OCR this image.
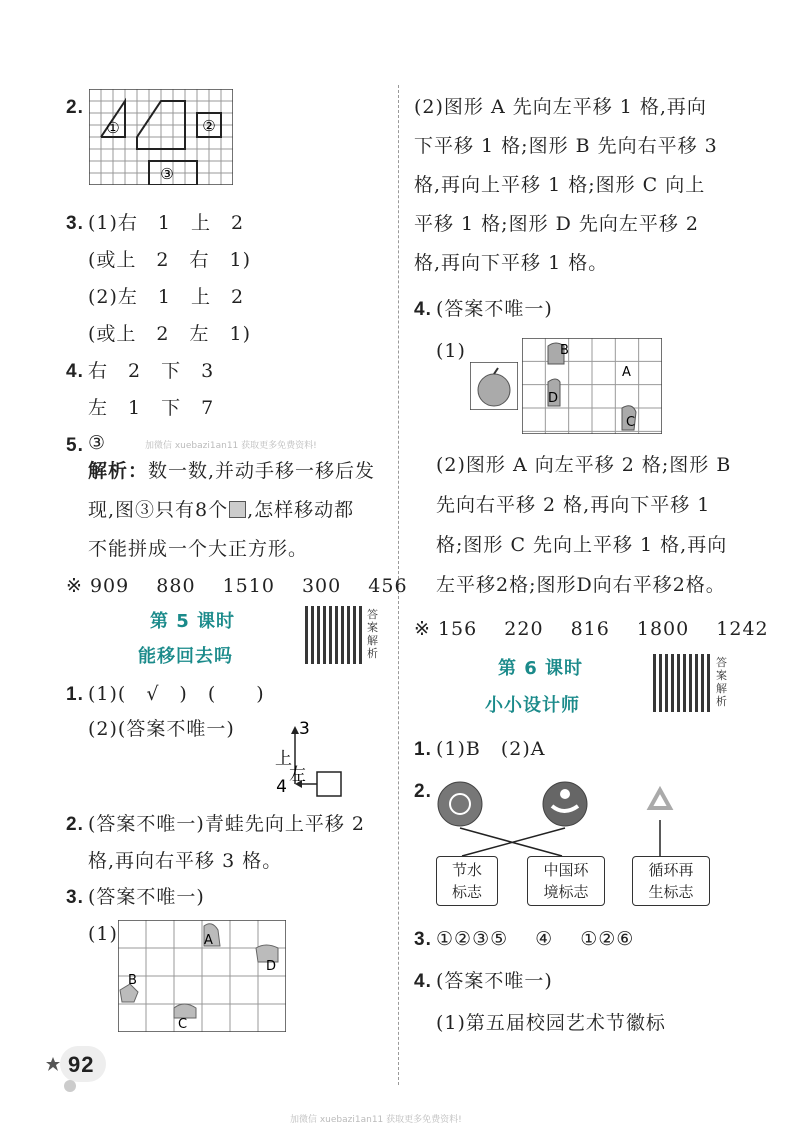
2.
①	②
③
3. (1)右　1　上　2
(或上　2　右　1)
(2)左　1　上　2
(或上　2　左　1)
4. 右　2　下　3
左　1　下　7
5. ③	加微信 xuebazi1an11 获取更多免费资料!
解析：数一数,并动手移一移后发
现,图③只有8个 ,怎样移动都
不能拼成一个大正方形。
※ 909　 880　 1510　 300　 456
第 5 课时
能移回去吗
答案解析
1. (1)(　√　)　(　　)
(2)(答案不唯一)	3
上
4
左
2. (答案不唯一)青蛙先向上平移 2
格,再向右平移 3 格。
3. (答案不唯一)
(1)	A
D
B
C
92
(2)图形 A 先向左平移 1 格,再向
下平移 1 格;图形 B 先向右平移 3
格,再向上平移 1 格;图形 C 向上
平移 1 格;图形 D 先向左平移 2
格,再向下平移 1 格。
4. (答案不唯一)
(1)	B
A
D
C
(2)图形 A 向左平移 2 格;图形 B
先向右平移 2 格,再向下平移 1
格;图形 C 先向上平移 1 格,再向
左平移2格;图形D向右平移2格。
※ 156　 220　 816　 1800　 1242
第 6 课时
小小设计师
答案解析
1. (1)B　(2)A
2.
节水
标志
中国环
境标志
循环再
生标志
3. ①②③⑤　 ④　 ①②⑥
4. (答案不唯一)
(1)第五届校园艺术节徽标
加微信 xuebazi1an11 获取更多免费资料!
